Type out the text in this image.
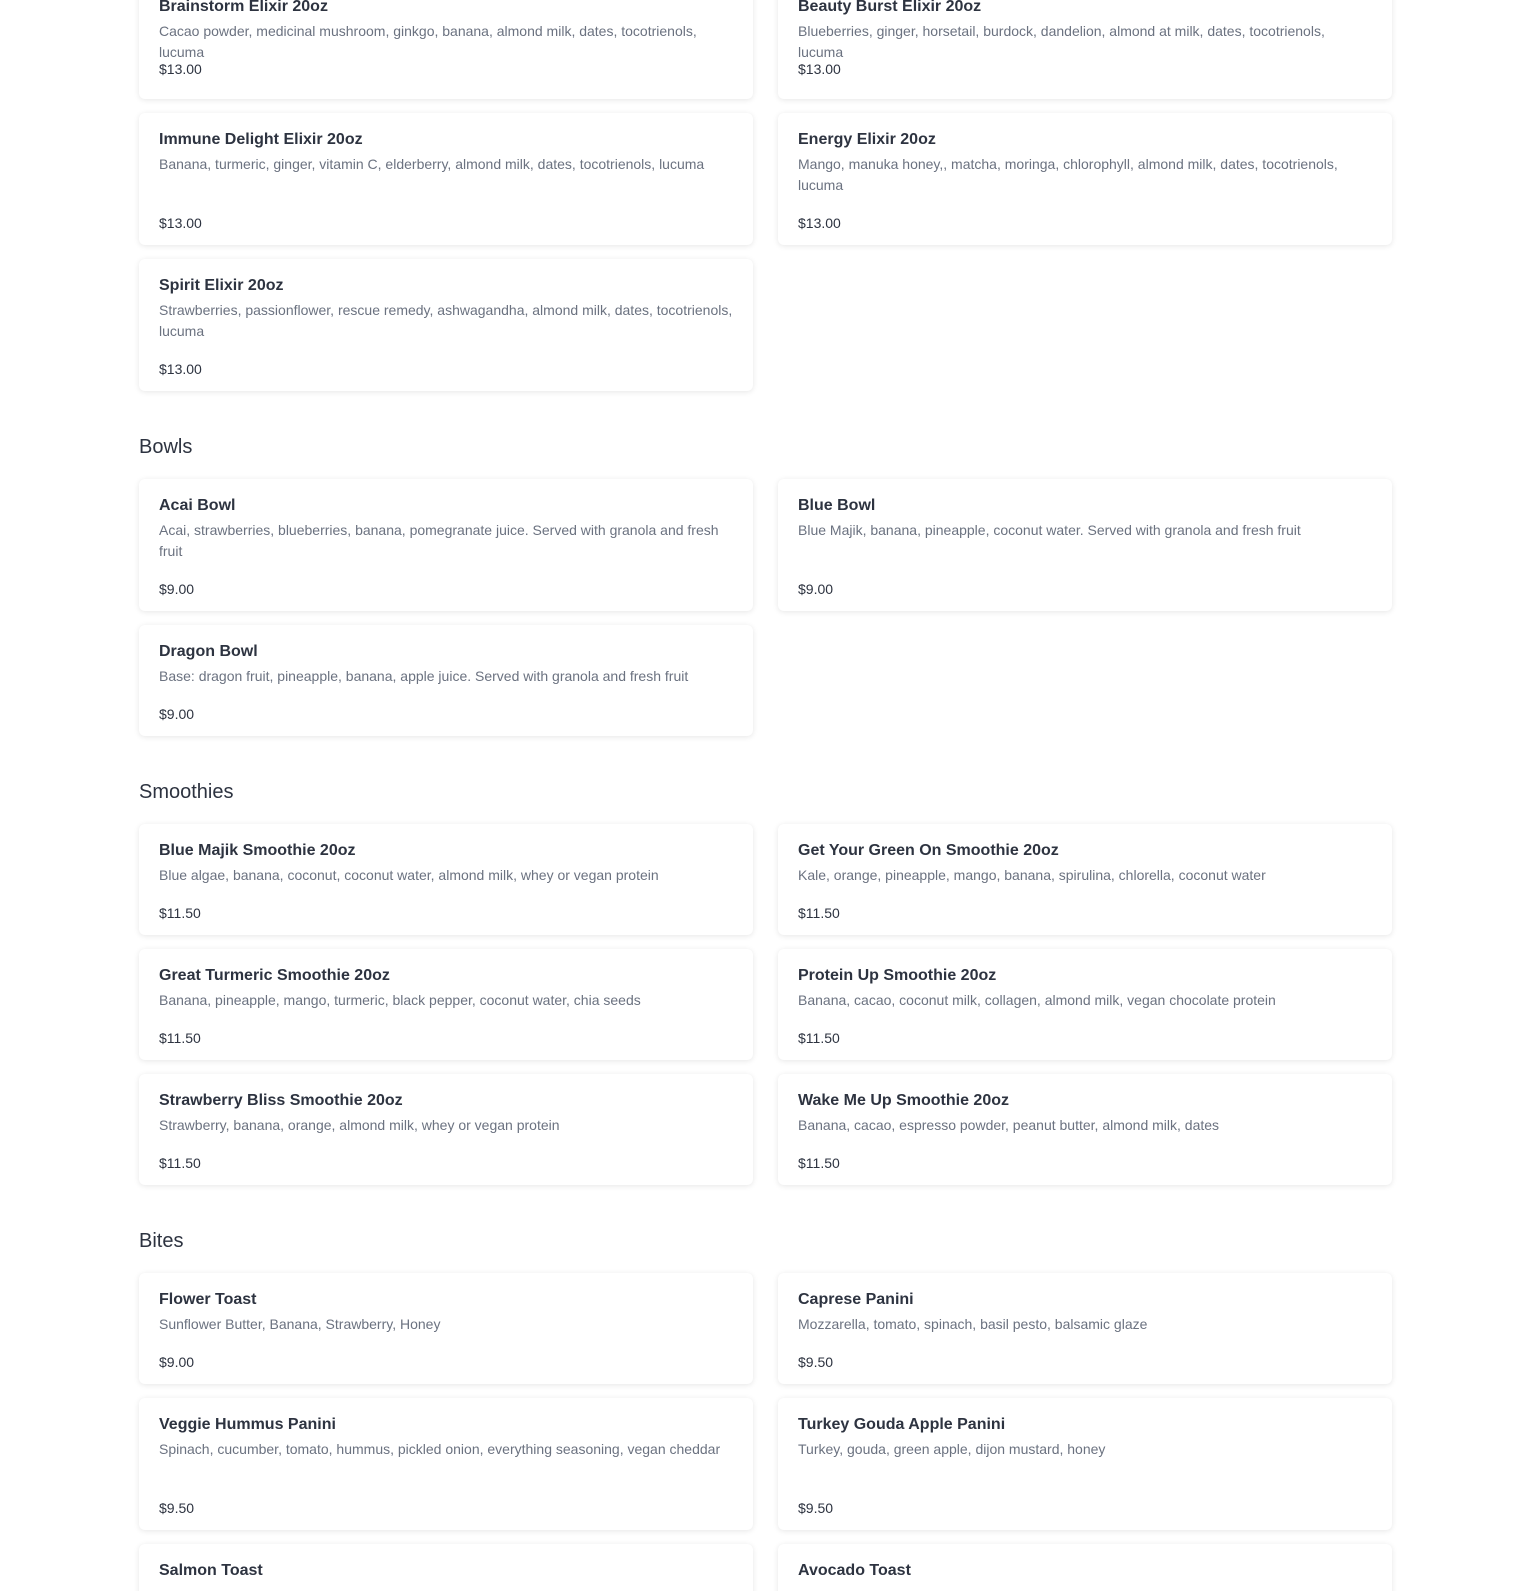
Brainstorm Elixir 20oz
Cacao powder, medicinal mushroom, ginkgo, banana, almond milk, dates, tocotrienols, lucuma
$13.00
Beauty Burst Elixir 20oz
Blueberries, ginger, horsetail, burdock, dandelion, almond at milk, dates, tocotrienols, lucuma
$13.00
Immune Delight Elixir 20oz
Banana, turmeric, ginger, vitamin C, elderberry, almond milk, dates, tocotrienols, lucuma
$13.00
Energy Elixir 20oz
Mango, manuka honey,, matcha, moringa, chlorophyll, almond milk, dates, tocotrienols, lucuma
$13.00
Spirit Elixir 20oz
Strawberries, passionflower, rescue remedy, ashwagandha, almond milk, dates, tocotrienols, lucuma
$13.00
Bowls
Acai Bowl
Acai, strawberries, blueberries, banana, pomegranate juice. Served with granola and fresh fruit
$9.00
Blue Bowl
Blue Majik, banana, pineapple, coconut water. Served with granola and fresh fruit
$9.00
Dragon Bowl
Base: dragon fruit, pineapple, banana, apple juice. Served with granola and fresh fruit
$9.00
Smoothies
Blue Majik Smoothie 20oz
Blue algae, banana, coconut, coconut water, almond milk, whey or vegan protein
$11.50
Get Your Green On Smoothie 20oz
Kale, orange, pineapple, mango, banana, spirulina, chlorella, coconut water
$11.50
Great Turmeric Smoothie 20oz
Banana, pineapple, mango, turmeric, black pepper, coconut water, chia seeds
$11.50
Protein Up Smoothie 20oz
Banana, cacao, coconut milk, collagen, almond milk, vegan chocolate protein
$11.50
Strawberry Bliss Smoothie 20oz
Strawberry, banana, orange, almond milk, whey or vegan protein
$11.50
Wake Me Up Smoothie 20oz
Banana, cacao, espresso powder, peanut butter, almond milk, dates
$11.50
Bites
Flower Toast
Sunflower Butter, Banana, Strawberry, Honey
$9.00
Caprese Panini
Mozzarella, tomato, spinach, basil pesto, balsamic glaze
$9.50
Veggie Hummus Panini
Spinach, cucumber, tomato, hummus, pickled onion, everything seasoning, vegan cheddar
$9.50
Turkey Gouda Apple Panini
Turkey, gouda, green apple, dijon mustard, honey
$9.50
Salmon Toast	Avocado Toast
